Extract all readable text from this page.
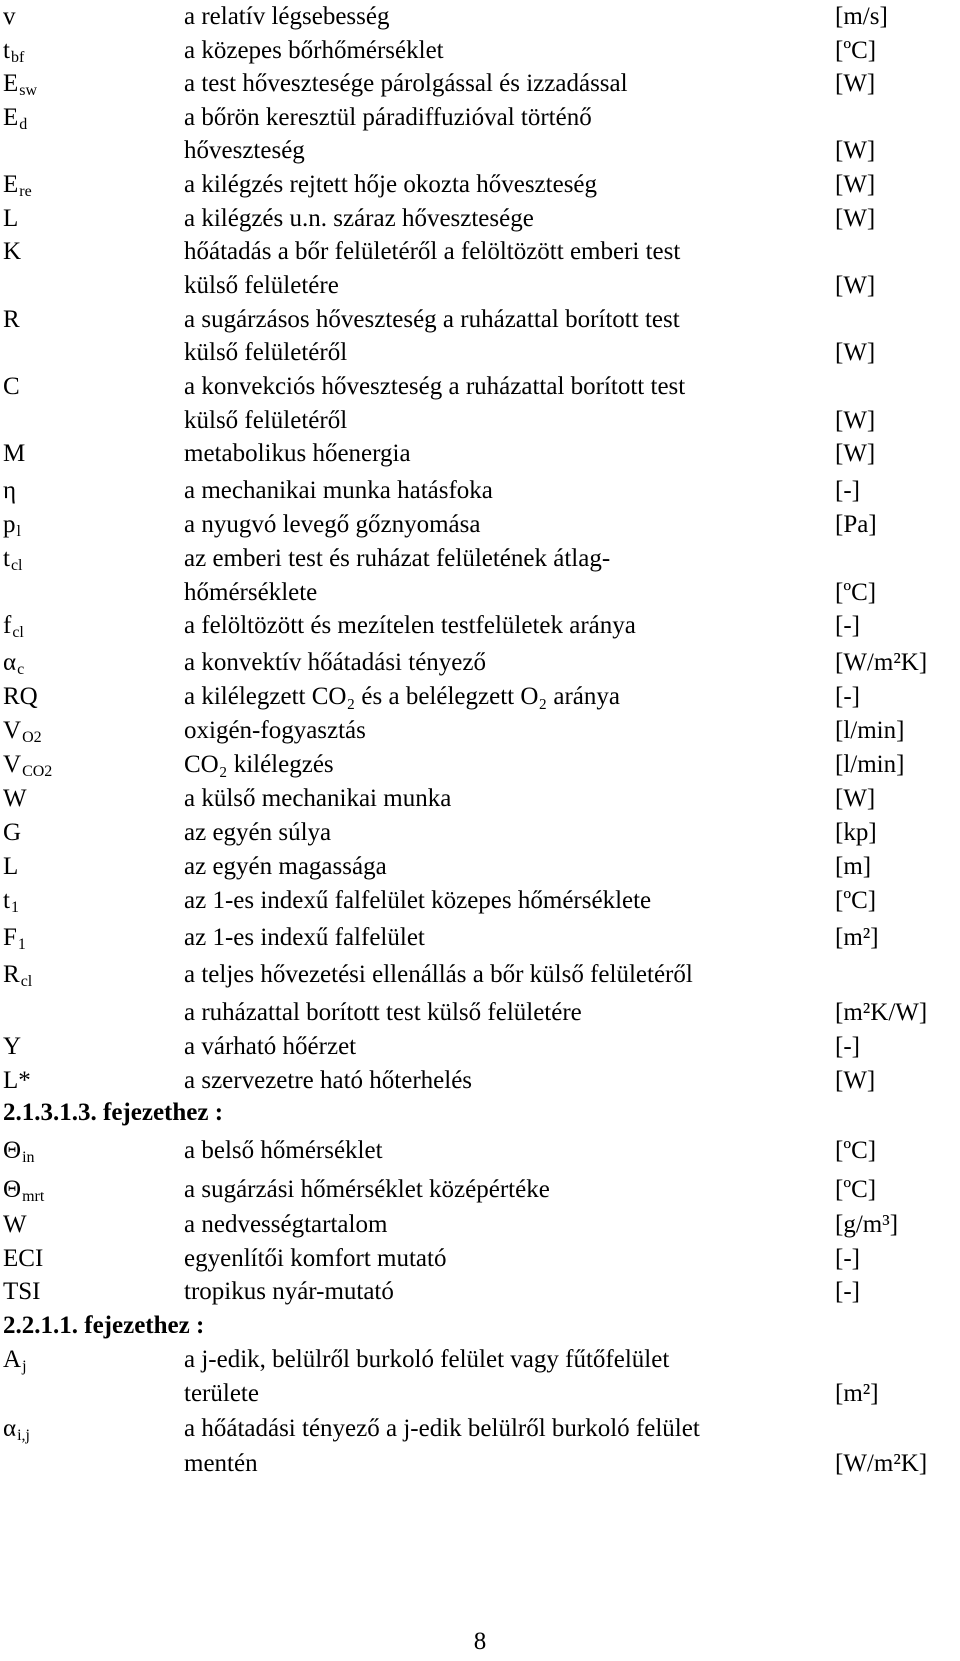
v	a relatív légsebesség	[m/s]
$t_{bf}$	a közepes bőrhőmérséklet	[ºC]
$E_{sw}$	a test hővesztesége párolgással és izzadással	[W]
$E_d$	a bőrön keresztül páradiffuzióval történő
hőveszteség	[W]
$E_{re}$	a kilégzés rejtett hője okozta hőveszteség	[W]
L	a kilégzés u.n. száraz hővesztesége	[W]
K	hőátadás a bőr felületéről a felöltözött emberi test
külső felületére	[W]
R	a sugárzásos hőveszteség a ruházattal borított test
külső felületéről	[W]
C	a konvekciós hőveszteség a ruházattal borított test
külső felületéről	[W]
M	metabolikus hőenergia	[W]
η	a mechanikai munka hatásfoka	[-]
$p_l$	a nyugvó levegő gőznyomása	[Pa]
$t_{cl}$	az emberi test és ruházat felületének átlag-
hőmérséklete	[ºC]
$f_{cl}$	a felöltözött és mezítelen testfelületek aránya	[-]
$\alpha_c$	a konvektív hőátadási tényező	[W/m²K]
RQ	a kilélegzett CO₂ és a belélegzett O₂ aránya	[-]
$V_{O2}$	oxigén-fogyasztás	[l/min]
$V_{CO2}$	CO₂ kilélegzés	[l/min]
W	a külső mechanikai munka	[W]
G	az egyén súlya	[kp]
L	az egyén magassága	[m]
$t_1$	az 1-es indexű falfelület közepes hőmérséklete	[ºC]
$F_1$	az 1-es indexű falfelület	[m²]
$R_{cl}$	a teljes hővezetési ellenállás a bőr külső felületéről
a ruházattal borított test külső felületére	[m²K/W]
Y	a várható hőérzet	[-]
L*	a szervezetre ható hőterhelés	[W]
2.1.3.1.3. fejezethez :
$\Theta_{in}$	a belső hőmérséklet	[ºC]
$\Theta_{mrt}$	a sugárzási hőmérséklet középértéke	[ºC]
W	a nedvességtartalom	[g/m³]
ECI	egyenlítői komfort mutató	[-]
TSI	tropikus nyár-mutató	[-]
2.2.1.1. fejezethez :
$A_j$	a j-edik, belülről burkoló felület vagy fűtőfelület
területe	[m²]
$\alpha_{i,j}$	a hőátadási tényező a j-edik belülről burkoló felület
mentén	[W/m²K]
8
